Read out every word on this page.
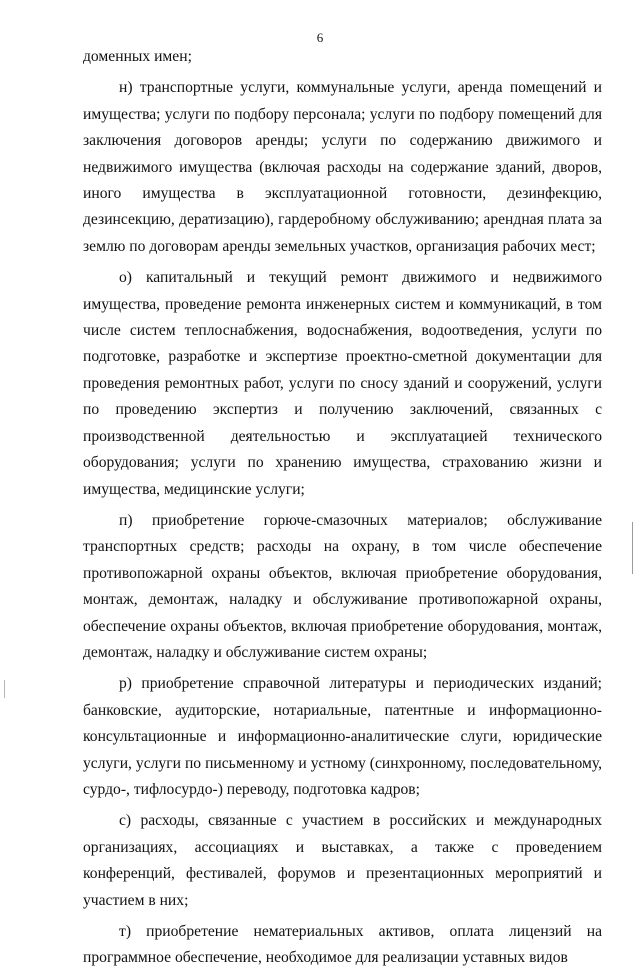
6

доменных имен;

н) транспортные услуги, коммунальные услуги, аренда помещений и имущества; услуги по подбору персонала; услуги по подбору помещений для заключения договоров аренды; услуги по содержанию движимого и недвижимого имущества (включая расходы на содержание зданий, дворов, иного имущества в эксплуатационной готовности, дезинфекцию, дезинсекцию, дератизацию), гардеробному обслуживанию; арендная плата за землю по договорам аренды земельных участков, организация рабочих мест;

о) капитальный и текущий ремонт движимого и недвижимого имущества, проведение ремонта инженерных систем и коммуникаций, в том числе систем теплоснабжения, водоснабжения, водоотведения, услуги по подготовке, разработке и экспертизе проектно-сметной документации для проведения ремонтных работ, услуги по сносу зданий и сооружений, услуги по проведению экспертиз и получению заключений, связанных с производственной деятельностью и эксплуатацией технического оборудования; услуги по хранению имущества, страхованию жизни и имущества, медицинские услуги;

п) приобретение горюче-смазочных материалов; обслуживание транспортных средств; расходы на охрану, в том числе обеспечение противопожарной охраны объектов, включая приобретение оборудования, монтаж, демонтаж, наладку и обслуживание противопожарной охраны, обеспечение охраны объектов, включая приобретение оборудования, монтаж, демонтаж, наладку и обслуживание систем охраны;

р) приобретение справочной литературы и периодических изданий; банковские, аудиторские, нотариальные, патентные и информационно-консультационные и информационно-аналитические слуги, юридические услуги, услуги по письменному и устному (синхронному, последовательному, сурдо-, тифлосурдо-) переводу, подготовка кадров;

с) расходы, связанные с участием в российских и международных организациях, ассоциациях и выставках, а также с проведением конференций, фестивалей, форумов и презентационных мероприятий и участием в них;

т) приобретение нематериальных активов, оплата лицензий на программное обеспечение, необходимое для реализации уставных видов
